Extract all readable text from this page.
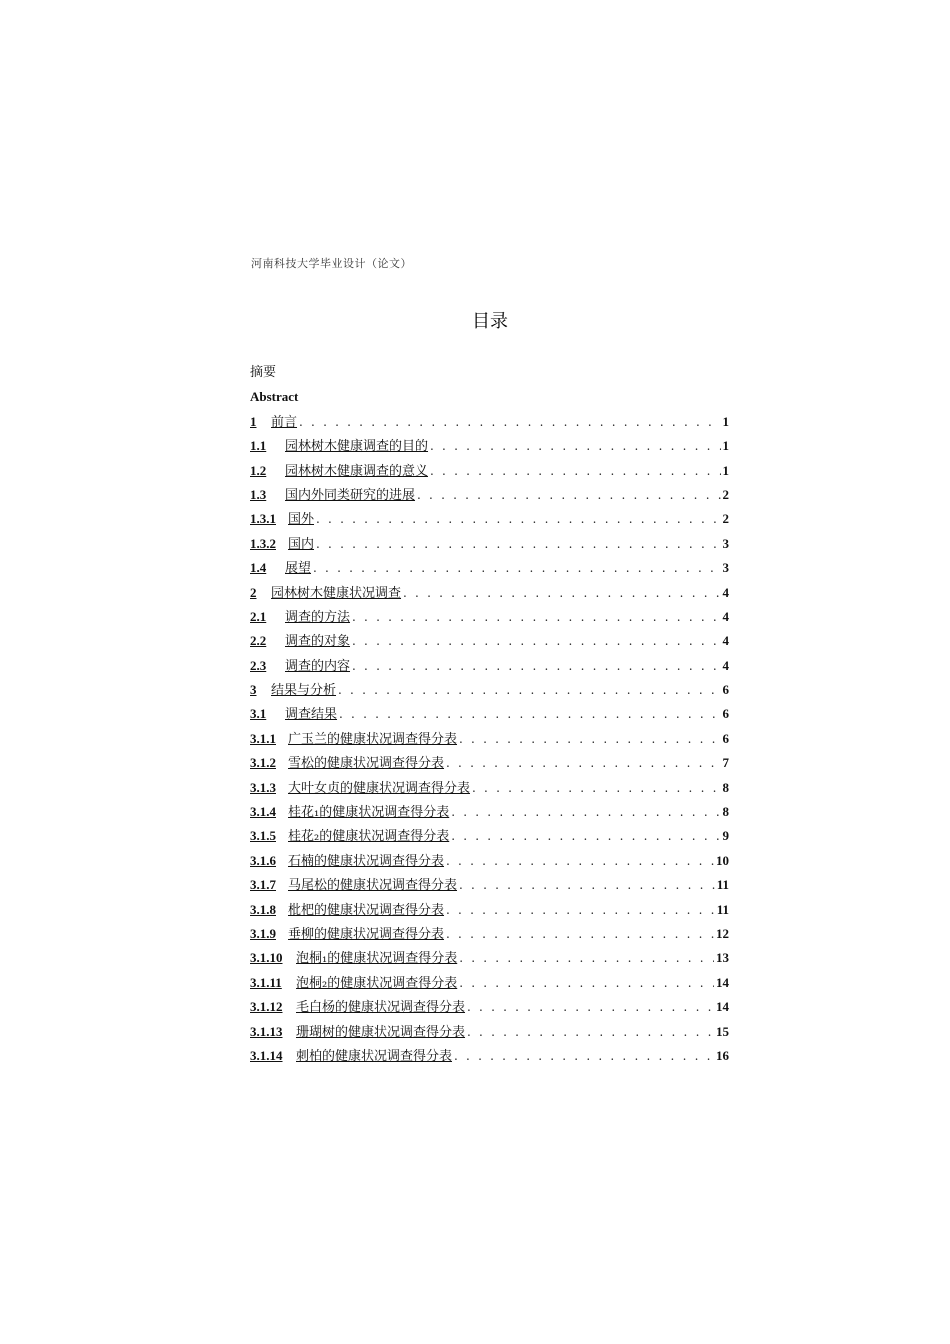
河南科技大学毕业设计（论文）
目录
摘要
Abstract
1	前言 . . .	1
1.1	园林树木健康调查的目的 . . .	1
1.2	园林树木健康调查的意义 . . .	1
1.3	国内外同类研究的进展 . . .	2
1.3.1 国外 . . .	2
1.3.2 国内 . . .	3
1.4	展望 . . .	3
2	园林树木健康状况调查 . . .	4
2.1	调查的方法 . . .	4
2.2	调查的对象 . . .	4
2.3	调查的内容 . . .	4
3	结果与分析 . . .	6
3.1	调查结果 . . .	6
3.1.1 广玉兰的健康状况调查得分表 . . .	6
3.1.2 雪松的健康状况调查得分表 . . .	7
3.1.3 大叶女贞的健康状况调查得分表 . . .	8
3.1.4 桂花₁的健康状况调查得分表 . . .	8
3.1.5 桂花₂的健康状况调查得分表 . . .	9
3.1.6 石楠的健康状况调查得分表 . . .	10
3.1.7 马尾松的健康状况调查得分表 . . .	11
3.1.8 枇杷的健康状况调查得分表 . . .	11
3.1.9 垂柳的健康状况调查得分表 . . .	12
3.1.10	泡桐₁的健康状况调查得分表 . . .	13
3.1.11	泡桐₂的健康状况调查得分表 . . .	14
3.1.12	毛白杨的健康状况调查得分表 . . .	14
3.1.13	珊瑚树的健康状况调查得分表 . . .	15
3.1.14	刺柏的健康状况调查得分表 . . .	16
